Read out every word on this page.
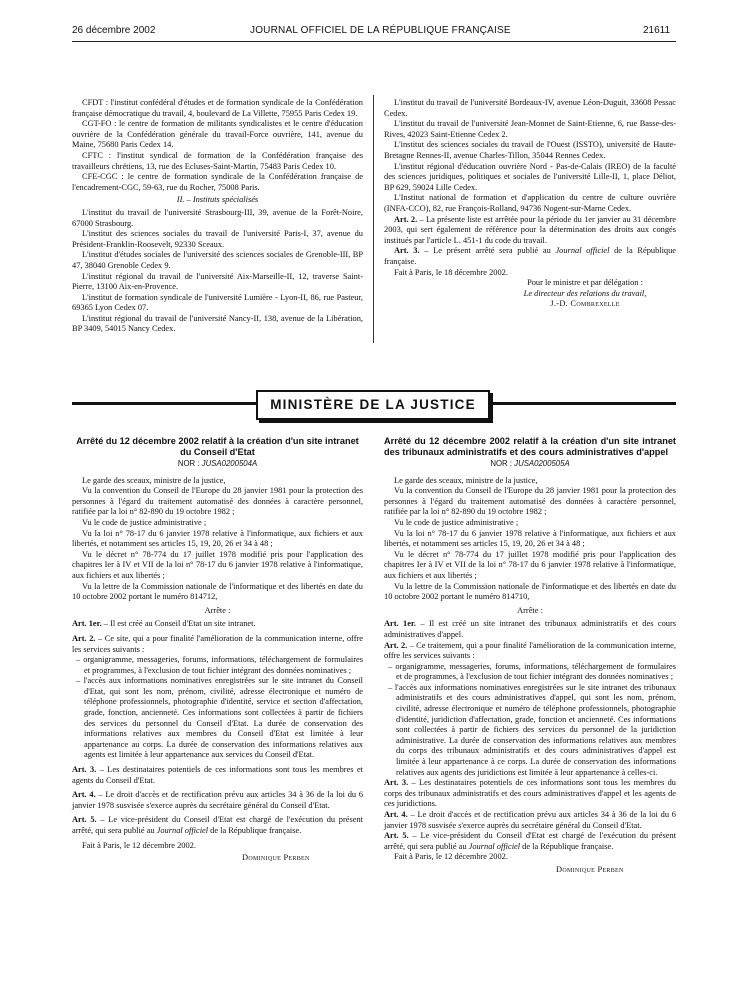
26 décembre 2002	JOURNAL OFFICIEL DE LA RÉPUBLIQUE FRANÇAISE	21611

CFDT : l'institut confédéral d'études et de formation syndicale de la Confédération française démocratique du travail, 4, boulevard de La Villette, 75955 Paris Cedex 19.

CGT-FO : le centre de formation de militants syndicalistes et le centre d'éducation ouvrière de la Confédération générale du travail-Force ouvrière, 141, avenue du Maine, 75680 Paris Cedex 14.

CFTC : l'institut syndical de formation de la Confédération française des travailleurs chrétiens, 13, rue des Ecluses-Saint-Martin, 75483 Paris Cedex 10.

CFE-CGC : le centre de formation syndicale de la Confédération française de l'encadrement-CGC, 59-63, rue du Rocher, 75008 Paris.

II. – Instituts spécialisés

L'institut du travail de l'université Strasbourg-III, 39, avenue de la Forêt-Noire, 67000 Strasbourg.

L'institut des sciences sociales du travail de l'université Paris-I, 37, avenue du Président-Franklin-Roosevelt, 92330 Sceaux.

L'institut d'études sociales de l'université des sciences sociales de Grenoble-III, BP 47, 38040 Grenoble Cedex 9.

L'institut régional du travail de l'université Aix-Marseille-II, 12, traverse Saint-Pierre, 13100 Aix-en-Provence.

L'institut de formation syndicale de l'université Lumière - Lyon-II, 86, rue Pasteur, 69365 Lyon Cedex 07.

L'institut régional du travail de l'université Nancy-II, 138, avenue de la Libération, BP 3409, 54015 Nancy Cedex.

L'institut du travail de l'université Bordeaux-IV, avenue Léon-Duguit, 33608 Pessac Cedex.

L'institut du travail de l'université Jean-Monnet de Saint-Etienne, 6, rue Basse-des-Rives, 42023 Saint-Etienne Cedex 2.

L'institut des sciences sociales du travail de l'Ouest (ISSTO), université de Haute-Bretagne Rennes-II, avenue Charles-Tillon, 35044 Rennes Cedex.

L'institut régional d'éducation ouvrière Nord - Pas-de-Calais (IREO) de la faculté des sciences juridiques, politiques et sociales de l'université Lille-II, 1, place Déliot, BP 629, 59024 Lille Cedex.

L'Institut national de formation et d'application du centre de culture ouvrière (INFA-CCO), 82, rue François-Rolland, 94736 Nogent-sur-Marne Cedex.

Art. 2. – La présente liste est arrêtée pour la période du 1er janvier au 31 décembre 2003, qui sert également de référence pour la détermination des droits aux congés institués par l'article L. 451-1 du code du travail.

Art. 3. – Le présent arrêté sera publié au Journal officiel de la République française.

Fait à Paris, le 18 décembre 2002.

Pour le ministre et par délégation :

Le directeur des relations du travail,

J.-D. Combrexelle

MINISTÈRE DE LA JUSTICE

Arrêté du 12 décembre 2002 relatif à la création d'un site intranet du Conseil d'Etat

NOR : JUSA0200504A

Le garde des sceaux, ministre de la justice,

Vu la convention du Conseil de l'Europe du 28 janvier 1981 pour la protection des personnes à l'égard du traitement automatisé des données à caractère personnel, ratifiée par la loi n° 82-890 du 19 octobre 1982 ;

Vu le code de justice administrative ;

Vu la loi n° 78-17 du 6 janvier 1978 relative à l'informatique, aux fichiers et aux libertés, et notamment ses articles 15, 19, 20, 26 et 34 à 48 ;

Vu le décret n° 78-774 du 17 juillet 1978 modifié pris pour l'application des chapitres Ier à IV et VII de la loi n° 78-17 du 6 janvier 1978 relative à l'informatique, aux fichiers et aux libertés ;

Vu la lettre de la Commission nationale de l'informatique et des libertés en date du 10 octobre 2002 portant le numéro 814712,

Arrête :

Art. 1er. – Il est créé au Conseil d'Etat un site intranet.

Art. 2. – Ce site, qui a pour finalité l'amélioration de la communication interne, offre les services suivants :

– organigramme, messageries, forums, informations, téléchargement de formulaires et programmes, à l'exclusion de tout fichier intégrant des données nominatives ;
– l'accès aux informations nominatives enregistrées sur le site intranet du Conseil d'Etat, qui sont les nom, prénom, civilité, adresse électronique et numéro de téléphone professionnels, photographie d'identité, service et section d'affectation, grade, fonction, ancienneté. Ces informations sont collectées à partir de fichiers des services du personnel du Conseil d'Etat. La durée de conservation des informations relatives aux membres du Conseil d'Etat est limitée à leur appartenance au corps. La durée de conservation des informations relatives aux agents est limitée à leur appartenance aux services du Conseil d'Etat.

Art. 3. – Les destinataires potentiels de ces informations sont tous les membres et agents du Conseil d'Etat.

Art. 4. – Le droit d'accès et de rectification prévu aux articles 34 à 36 de la loi du 6 janvier 1978 susvisée s'exerce auprès du secrétaire général du Conseil d'Etat.

Art. 5. – Le vice-président du Conseil d'Etat est chargé de l'exécution du présent arrêté, qui sera publié au Journal officiel de la République française.

Fait à Paris, le 12 décembre 2002.

Dominique Perben

Arrêté du 12 décembre 2002 relatif à la création d'un site intranet des tribunaux administratifs et des cours administratives d'appel

NOR : JUSA0200505A

Le garde des sceaux, ministre de la justice,

Vu la convention du Conseil de l'Europe du 28 janvier 1981 pour la protection des personnes à l'égard du traitement automatisé des données à caractère personnel, ratifiée par la loi n° 82-890 du 19 octobre 1982 ;

Vu le code de justice administrative ;

Vu la loi n° 78-17 du 6 janvier 1978 relative à l'informatique, aux fichiers et aux libertés, et notamment ses articles 15, 19, 20, 26 et 34 à 48 ;

Vu le décret n° 78-774 du 17 juillet 1978 modifié pris pour l'application des chapitres Ier à IV et VII de la loi n° 78-17 du 6 janvier 1978 relative à l'informatique, aux fichiers et aux libertés ;

Vu la lettre de la Commission nationale de l'informatique et des libertés en date du 10 octobre 2002 portant le numéro 814710,

Arrête :

Art. 1er. – Il est créé un site intranet des tribunaux administratifs et des cours administratives d'appel.

Art. 2. – Ce traitement, qui a pour finalité l'amélioration de la communication interne, offre les services suivants :

– organigramme, messageries, forums, informations, téléchargement de formulaires et de programmes, à l'exclusion de tout fichier intégrant des données nominatives ;
– l'accès aux informations nominatives enregistrées sur le site intranet des tribunaux administratifs et des cours administratives d'appel, qui sont les nom, prénom, civilité, adresse électronique et numéro de téléphone professionnels, photographie d'identité, juridiction d'affectation, grade, fonction et ancienneté. Ces informations sont collectées à partir de fichiers des services du personnel de la juridiction administrative. La durée de conservation des informations relatives aux membres du corps des tribunaux administratifs et des cours administratives d'appel est limitée à leur appartenance à ce corps. La durée de conservation des informations relatives aux agents des juridictions est limitée à leur appartenance à celles-ci.

Art. 3. – Les destinataires potentiels de ces informations sont tous les membres du corps des tribunaux administratifs et des cours administratives d'appel et les agents de ces juridictions.

Art. 4. – Le droit d'accès et de rectification prévu aux articles 34 à 36 de la loi du 6 janvier 1978 susvisée s'exerce auprès du secrétaire général du Conseil d'Etat.

Art. 5. – Le vice-président du Conseil d'Etat est chargé de l'exécution du présent arrêté, qui sera publié au Journal officiel de la République française.

Fait à Paris, le 12 décembre 2002.

Dominique Perben
